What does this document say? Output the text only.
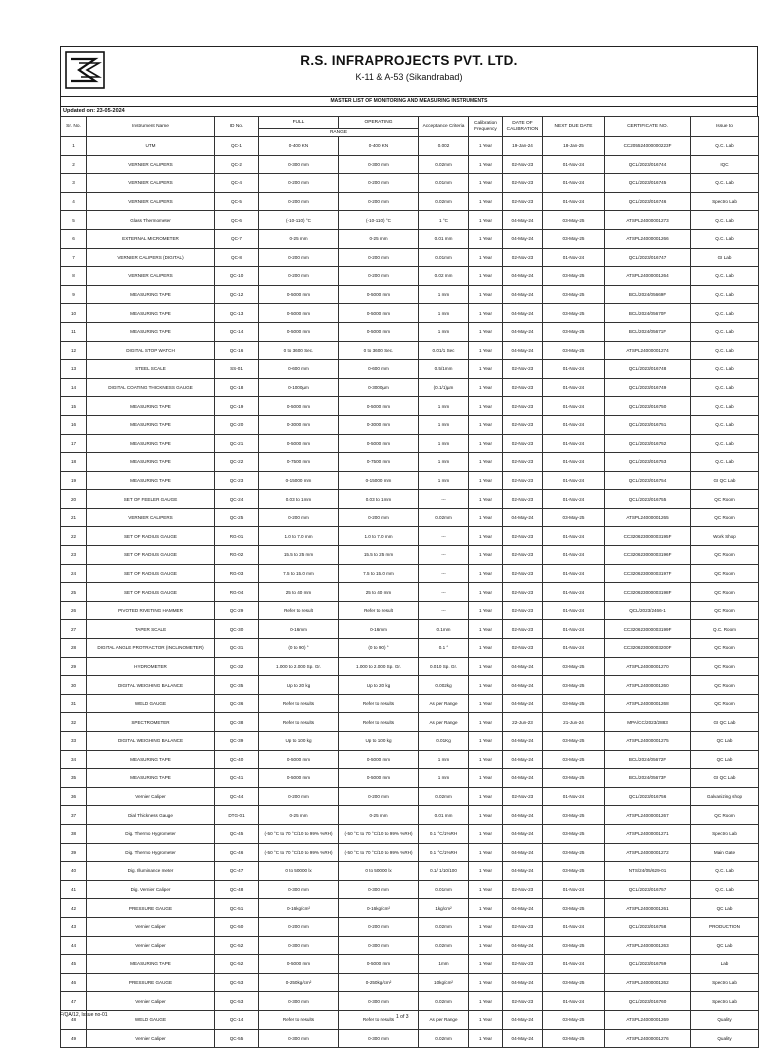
R.S. INFRAPROJECTS PVT. LTD.
K-11 & A-53 (Sikandrabad)
MASTER LIST OF MONITORING AND MEASURING INSTRUMENTS
Updated on: 23-05-2024
Sr. No.	Instrument Name	ID No.	FULL	OPERATING	Acceptance Criteria	Calibration Frequency	DATE OF CALIBRATION	NEXT DUE DATE	CERTIFICATE NO.	Issue to
			RANGE							
1	UTM	QC-1	0-400 KN	0-400 KN	0.002	1 Year	19-Jan-24	18-Jan-25	CC205524000000223F	Q.C. Lab
2	VERNIER CALIPERS	QC-2	0-300 mm	0-300 mm	0.02mm	1 Year	02-Nov-23	01-Nov-24	QCL/2023/016744	IQC
3	VERNIER CALIPERS	QC-4	0-200 mm	0-200 mm	0.01mm	1 Year	02-Nov-23	01-Nov-24	QCL/2023/016745	Q.C. Lab
4	VERNIER CALIPERS	QC-5	0-200 mm	0-200 mm	0.02mm	1 Year	02-Nov-23	01-Nov-24	QCL/2023/016746	Spectro Lab
5	Glass Thermometer	QC-6	(-10-110) °C	(-10-110) °C	1 °C	1 Year	04-May-24	03-May-25	ATSPL24000001273	Q.C. Lab
6	EXTERNAL MICROMETER	QC-7	0-25 mm	0-25 mm	0.01 mm	1 Year	04-May-24	03-May-25	ATSPL24000001266	Q.C. Lab
7	VERNIER CALIPERS (DIGITAL)	QC-8	0-200 mm	0-200 mm	0.01mm	1 Year	02-Nov-23	01-Nov-24	QCL/2023/016747	GI Lab
8	VERNIER CALIPERS	QC-10	0-200 mm	0-200 mm	0.02 mm	1 Year	04-May-24	03-May-25	ATSPL24000001264	Q.C. Lab
9	MEASURING TAPE	QC-12	0-5000 mm	0-5000 mm	1 mm	1 Year	04-May-24	03-May-25	BCL/2024/05669F	Q.C. Lab
10	MEASURING TAPE	QC-13	0-5000 mm	0-5000 mm	1 mm	1 Year	04-May-24	03-May-25	BCL/2024/05670F	Q.C. Lab
11	MEASURING TAPE	QC-14	0-5000 mm	0-5000 mm	1 mm	1 Year	04-May-24	03-May-25	BCL/2024/05671F	Q.C. Lab
12	DIGITAL STOP WATCH	QC-16	0 to 3600 Sec.	0 to 3600 Sec.	0.01/1 Sec	1 Year	04-May-24	03-May-25	ATSPL24000001274	Q.C. Lab
13	STEEL SCALE	SS-01	0-600 mm	0-600 mm	0.5/1mm	1 Year	02-Nov-23	01-Nov-24	QCL/2023/016748	Q.C. Lab
14	DIGITAL COATING THICKNESS GAUGE	QC-18	0-1000µm	0-3000µm	(0.1/1)µm	1 Year	02-Nov-23	01-Nov-24	QCL/2023/016749	Q.C. Lab
15	MEASURING TAPE	QC-19	0-5000 mm	0-5000 mm	1 mm	1 Year	02-Nov-23	01-Nov-24	QCL/2023/016750	Q.C. Lab
16	MEASURING TAPE	QC-20	0-3000 mm	0-3000 mm	1 mm	1 Year	02-Nov-23	01-Nov-24	QCL/2023/016751	Q.C. Lab
17	MEASURING TAPE	QC-21	0-5000 mm	0-5000 mm	1 mm	1 Year	02-Nov-23	01-Nov-24	QCL/2023/016752	Q.C. Lab
18	MEASURING TAPE	QC-22	0-7500 mm	0-7500 mm	1 mm	1 Year	02-Nov-23	01-Nov-24	QCL/2023/016753	Q.C. Lab
19	MEASURING TAPE	QC-23	0-15000 mm	0-15000 mm	1 mm	1 Year	02-Nov-23	01-Nov-24	QCL/2023/016754	GI QC Lab
20	SET OF FEELER GAUGE	QC-24	0.03 to 1mm	0.03 to 1mm	---	1 Year	02-Nov-23	01-Nov-24	QCL/2023/016755	QC Room
21	VERNIER CALIPERS	QC-25	0-200 mm	0-200 mm	0.02mm	1 Year	04-May-24	03-May-25	ATSPL24000001265	QC Room
22	SET OF RADIUS GAUGE	RG-01	1.0 to 7.0 mm	1.0 to 7.0 mm	---	1 Year	02-Nov-23	01-Nov-24	CC320623000003195F	Work Shop
23	SET OF RADIUS GAUGE	RG-02	15.5 to 25 mm	15.5 to 25 mm	---	1 Year	02-Nov-23	01-Nov-24	CC320623000003196F	QC Room
24	SET OF RADIUS GAUGE	RG-03	7.5 to 15.0 mm	7.5 to 15.0 mm	---	1 Year	02-Nov-23	01-Nov-24	CC320623000003197F	QC Room
25	SET OF RADIUS GAUGE	RG-04	25 to 40 mm	25 to 40 mm	---	1 Year	02-Nov-23	01-Nov-24	CC320623000003198F	QC Room
26	PIVOTED RIVETING HAMMER	QC-29	Refer to result	Refer to result	---	1 Year	02-Nov-23	01-Nov-24	QCL/2023/2466-1	QC Room
27	TAPER SCALE	QC-30	0-16mm	0-16mm	0.1mm	1 Year	02-Nov-23	01-Nov-24	CC320623000003199F	Q.C. Room
28	DIGITAL ANGLE PROTRACTOR (INCLINOMETER)	QC-31	(0 to 90) °	(0 to 90) °	0.1 °	1 Year	02-Nov-23	01-Nov-24	CC320623000003200F	QC Room
29	HYDROMETER	QC-32	1.000 to 2.000 Sp. Gr.	1.000 to 2.000 Sp. Gr.	0.010 Sp. Gr.	1 Year	04-May-24	03-May-25	ATSPL24000001270	QC Room
30	DIGITAL WEIGHING BALANCE	QC-35	Up to 20 kg	Up to 20 kg	0.002kg	1 Year	04-May-24	03-May-25	ATSPL24000001260	QC Room
31	WELD GAUGE	QC-36	Refer to results	Refer to results	As per Range	1 Year	04-May-24	03-May-25	ATSPL24000001268	QC Room
32	SPECTROMETER	QC-38	Refer to results	Refer to results	As per Range	1 Year	22-Jun-23	21-Jun-24	MPA/CC/2023/2883	GI QC Lab
33	DIGITAL WEIGHING BALANCE	QC-39	Up to 100 kg	Up to 100 kg	0.01Kg	1 Year	04-May-24	03-May-25	ATSPL24000001275	QC Lab
34	MEASURING TAPE	QC-40	0-5000 mm	0-5000 mm	1 mm	1 Year	04-May-24	03-May-25	BCL/2024/05672F	QC Lab
35	MEASURING TAPE	QC-41	0-5000 mm	0-5000 mm	1 mm	1 Year	04-May-24	03-May-25	BCL/2024/05673F	GI QC Lab
36	Vernier Caliper	QC-44	0-200 mm	0-200 mm	0.02mm	1 Year	02-Nov-23	01-Nov-24	QCL/2023/016756	Galvanizing shop
37	Dial Thickness Gauge	DTG-01	0-25 mm	0-25 mm	0.01 mm	1 Year	04-May-24	03-May-25	ATSPL24000001267	QC Room
38	Dig. Thermo Hygrometer	QC-45	(-50 °C to 70 °C/10 to 99% %RH)	(-50 °C to 70 °C/10 to 99% %RH)	0.1 °C/1%RH	1 Year	04-May-24	03-May-25	ATSPL24000001271	Spectro Lab
39	Dig. Thermo Hygrometer	QC-46	(-50 °C to 70 °C/10 to 99% %RH)	(-50 °C to 70 °C/10 to 99% %RH)	0.1 °C/1%RH	1 Year	04-May-24	03-May-25	ATSPL24000001272	Main Gate
40	Dig. Illuminance meter	QC-47	0 to 50000 lx	0 to 50000 lx	0.1/ 1/10/100	1 Year	04-May-24	03-May-25	NTS/24/05/629-01	Q.C. Lab
41	Dig. Vernier Caliper	QC-48	0-300 mm	0-300 mm	0.01mm	1 Year	02-Nov-23	01-Nov-24	QCL/2023/016757	Q.C. Lab
42	PRESSURE GAUGE	QC-51	0-16kg/cm²	0-16kg/cm²	1kg/cm²	1 Year	04-May-24	03-May-25	ATSPL24000001261	QC Lab
43	Vernier Caliper	QC-50	0-200 mm	0-200 mm	0.02mm	1 Year	02-Nov-23	01-Nov-24	QCL/2023/016758	PRODUCTION
44	Vernier Caliper	QC-52	0-300 mm	0-300 mm	0.02mm	1 Year	04-May-24	03-May-25	ATSPL24000001263	QC Lab
45	MEASURING TAPE	QC-52	0-5000 mm	0-5000 mm	1mm	1 Year	02-Nov-23	01-Nov-24	QCL/2023/016759	Lab
46	PRESSURE GAUGE	QC-53	0-250kg/cm²	0-250kg/cm²	10kg/cm²	1 Year	04-May-24	03-May-25	ATSPL24000001262	Spectro Lab
47	Vernier Caliper	QC-53	0-300 mm	0-300 mm	0.02mm	1 Year	02-Nov-23	01-Nov-24	QCL/2023/016760	Spectro Lab
48	WELD GAUGE	QC-14	Refer to results	Refer to results	As per Range	1 Year	04-May-24	03-May-25	ATSPL24000001269	Quality
49	Vernier Caliper	QC-55	0-300 mm	0-300 mm	0.02mm	1 Year	04-May-24	03-May-25	ATSPL24000001276	Quality
F/QA/12, Issue no-01	1 of 3
